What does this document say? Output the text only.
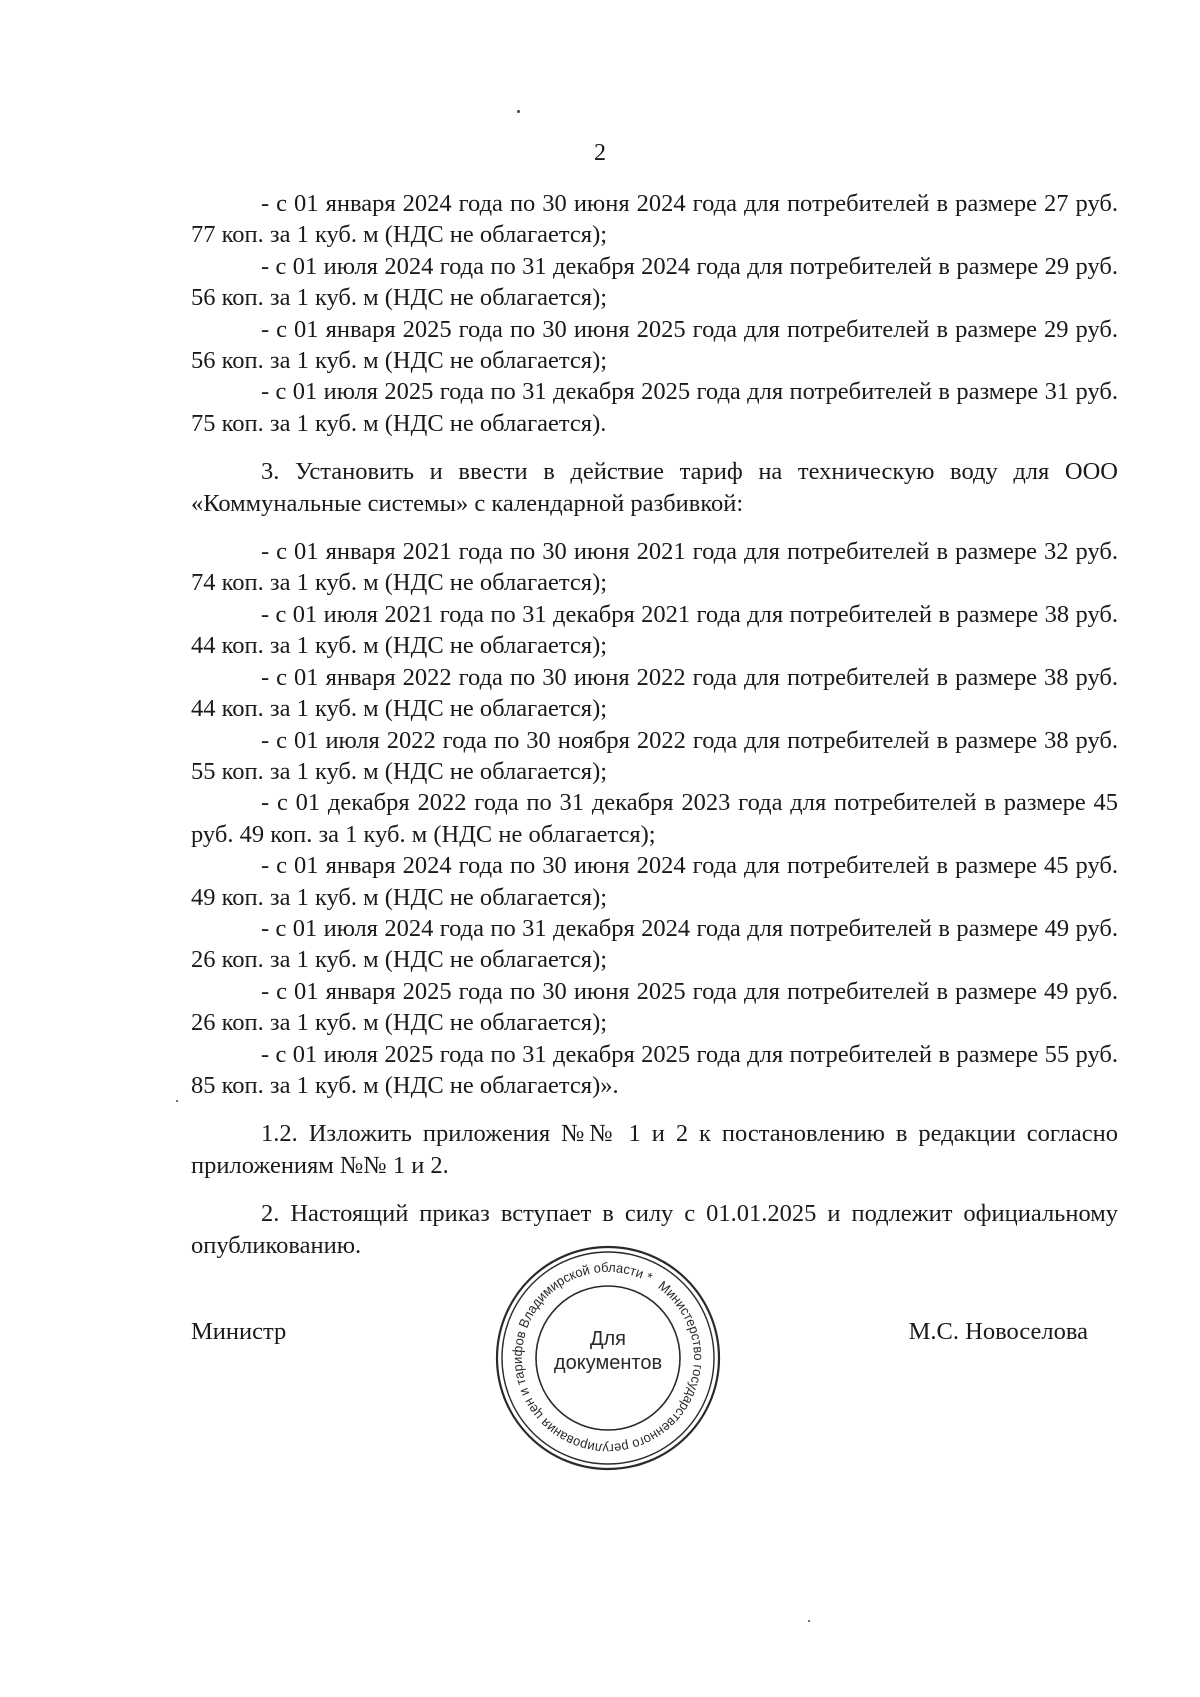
2

- с 01 января 2024 года по 30 июня 2024 года для потребителей в размере 27 руб. 77 коп. за 1 куб. м (НДС не облагается);

- с 01 июля 2024 года по 31 декабря 2024 года для потребителей в размере 29 руб. 56 коп. за 1 куб. м (НДС не облагается);

- с 01 января 2025 года по 30 июня 2025 года для потребителей в размере 29 руб. 56 коп. за 1 куб. м (НДС не облагается);

- с 01 июля 2025 года по 31 декабря 2025 года для потребителей в размере 31 руб. 75 коп. за 1 куб. м (НДС не облагается).

3. Установить и ввести в действие тариф на техническую воду для ООО «Коммунальные системы» с календарной разбивкой:

- с 01 января 2021 года по 30 июня 2021 года для потребителей в размере 32 руб. 74 коп. за 1 куб. м (НДС не облагается);

- с 01 июля 2021 года по 31 декабря 2021 года для потребителей в размере 38 руб. 44 коп. за 1 куб. м (НДС не облагается);

- с 01 января 2022 года по 30 июня 2022 года для потребителей в размере 38 руб. 44 коп. за 1 куб. м (НДС не облагается);

- с 01 июля 2022 года по 30 ноября 2022 года для потребителей в размере 38 руб. 55 коп. за 1 куб. м (НДС не облагается);

- с 01 декабря 2022 года по 31 декабря 2023 года для потребителей в размере 45 руб. 49 коп. за 1 куб. м (НДС не облагается);

- с 01 января 2024 года по 30 июня 2024 года для потребителей в размере 45 руб. 49 коп. за 1 куб. м (НДС не облагается);

- с 01 июля 2024 года по 31 декабря 2024 года для потребителей в размере 49 руб. 26 коп. за 1 куб. м (НДС не облагается);

- с 01 января 2025 года по 30 июня 2025 года для потребителей в размере 49 руб. 26 коп. за 1 куб. м (НДС не облагается);

- с 01 июля 2025 года по 31 декабря 2025 года для потребителей в размере 55 руб. 85 коп. за 1 куб. м (НДС не облагается)».

1.2. Изложить приложения №№ 1 и 2 к постановлению в редакции согласно приложениям №№ 1 и 2.

2. Настоящий приказ вступает в силу с 01.01.2025 и подлежит официальному опубликованию.

Министр	М.С. Новоселова
Министерство государственного регулирования цен и тарифов Владимирской области *
Для
документов
